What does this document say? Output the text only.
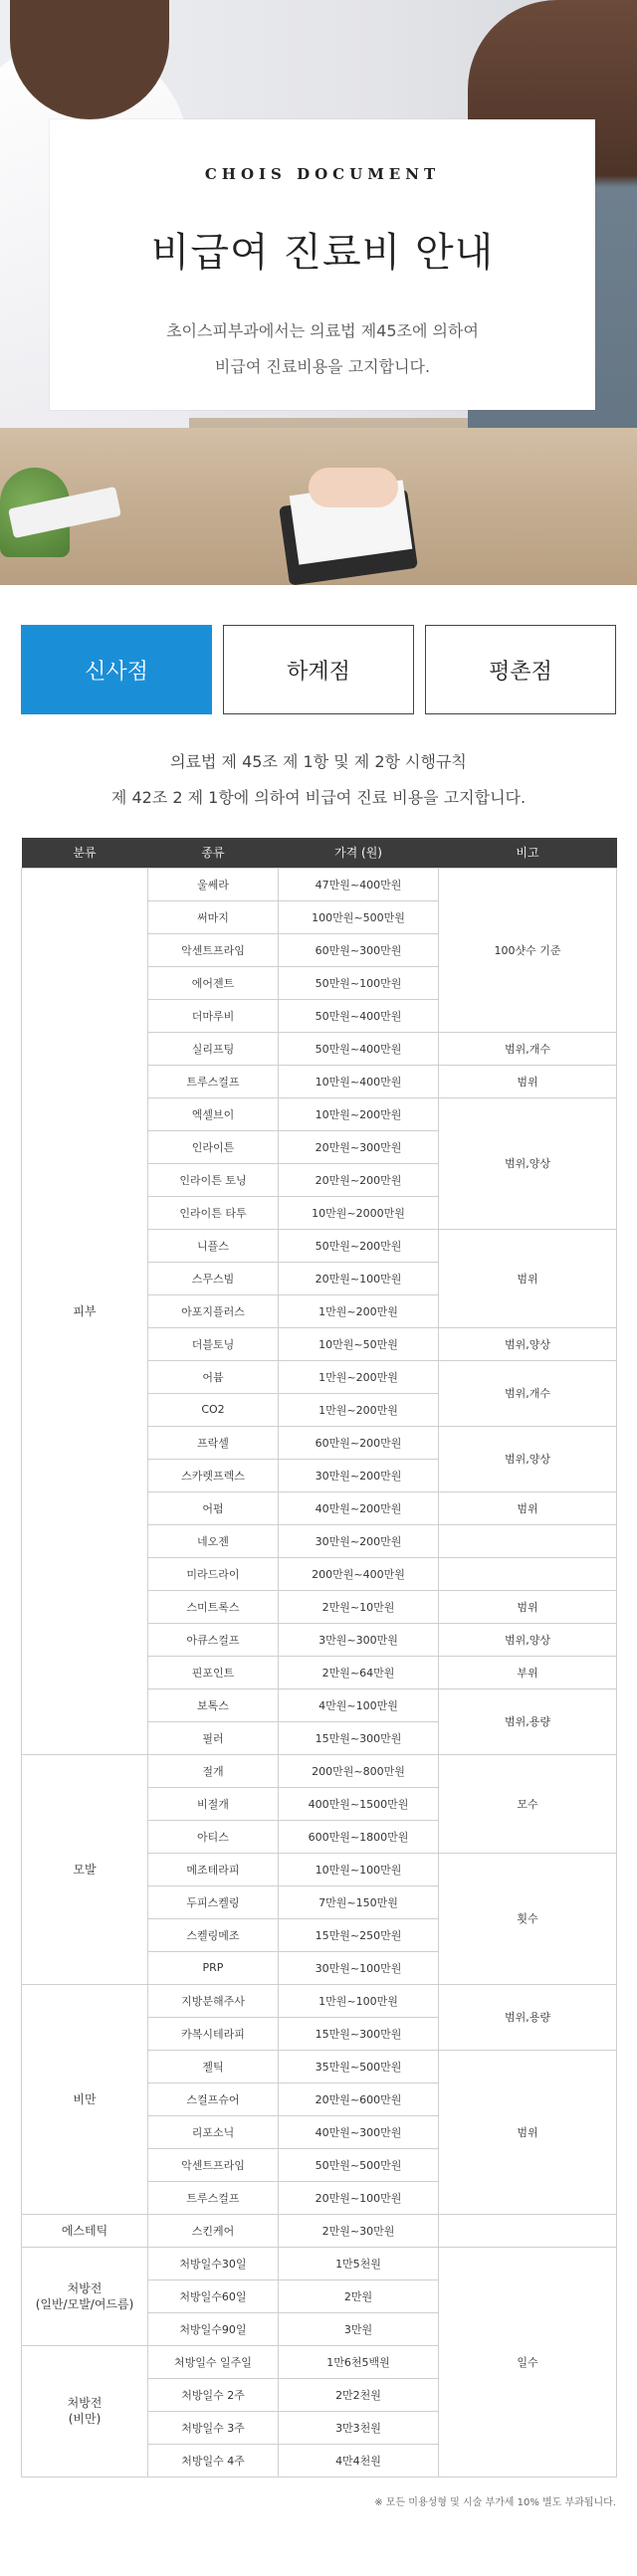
CHOIS DOCUMENT
비급여 진료비 안내
초이스피부과에서는 의료법 제45조에 의하여
비급여 진료비용을 고지합니다.
신사점	하계점	평촌점
의료법 제 45조 제 1항 및 제 2항 시행규칙
제 42조 2 제 1항에 의하여 비급여 진료 비용을 고지합니다.
분류	종류	가격 (원)	비고
피부	울쎄라	47만원~400만원	100샷수 기준
	써마지	100만원~500만원	
	악센트프라임	60만원~300만원	
	에어젠트	50만원~100만원	
	더마루비	50만원~400만원	
	실리프팅	50만원~400만원	범위,개수
	트루스컬프	10만원~400만원	범위
	엑셀브이	10만원~200만원	범위,양상
	인라이튼	20만원~300만원	
	인라이튼 토닝	20만원~200만원	
	인라이튼 타투	10만원~2000만원	
	니플스	50만원~200만원	범위
	스무스빔	20만원~100만원	
	아포지플러스	1만원~200만원	
	더블토닝	10만원~50만원	범위,양상
	어븀	1만원~200만원	범위,개수
	CO2	1만원~200만원	
	프락셀	60만원~200만원	범위,양상
	스카렛프렉스	30만원~200만원	
	어펌	40만원~200만원	범위
	네오젠	30만원~200만원	
	미라드라이	200만원~400만원	
	스미트록스	2만원~10만원	범위
	아큐스컬프	3만원~300만원	범위,양상
	핀포인트	2만원~64만원	부위
	보톡스	4만원~100만원	범위,용량
	필러	15만원~300만원	
모발	절개	200만원~800만원	모수
	비절개	400만원~1500만원	
	아티스	600만원~1800만원	
	메조테라피	10만원~100만원	횟수
	두피스켈링	7만원~150만원	
	스켈링메조	15만원~250만원	
	PRP	30만원~100만원	
비만	지방분해주사	1만원~100만원	범위,용량
	카복시테라피	15만원~300만원	
	젤틱	35만원~500만원	범위
	스컬프슈어	20만원~600만원	
	리포소닉	40만원~300만원	
	악센트프라임	50만원~500만원	
	트루스컬프	20만원~100만원	
에스테틱	스킨케어	2만원~30만원	
처방전
(일반/모발/여드름)	처방일수30일	1만5천원	일수
	처방일수60일	2만원	
	처방일수90일	3만원	
처방전
(비만)	처방일수 일주일	1만6천5백원	
	처방일수 2주	2만2천원	
	처방일수 3주	3만3천원	
	처방일수 4주	4만4천원	
※ 모든 미용성형 및 시술 부가세 10% 별도 부과됩니다.
